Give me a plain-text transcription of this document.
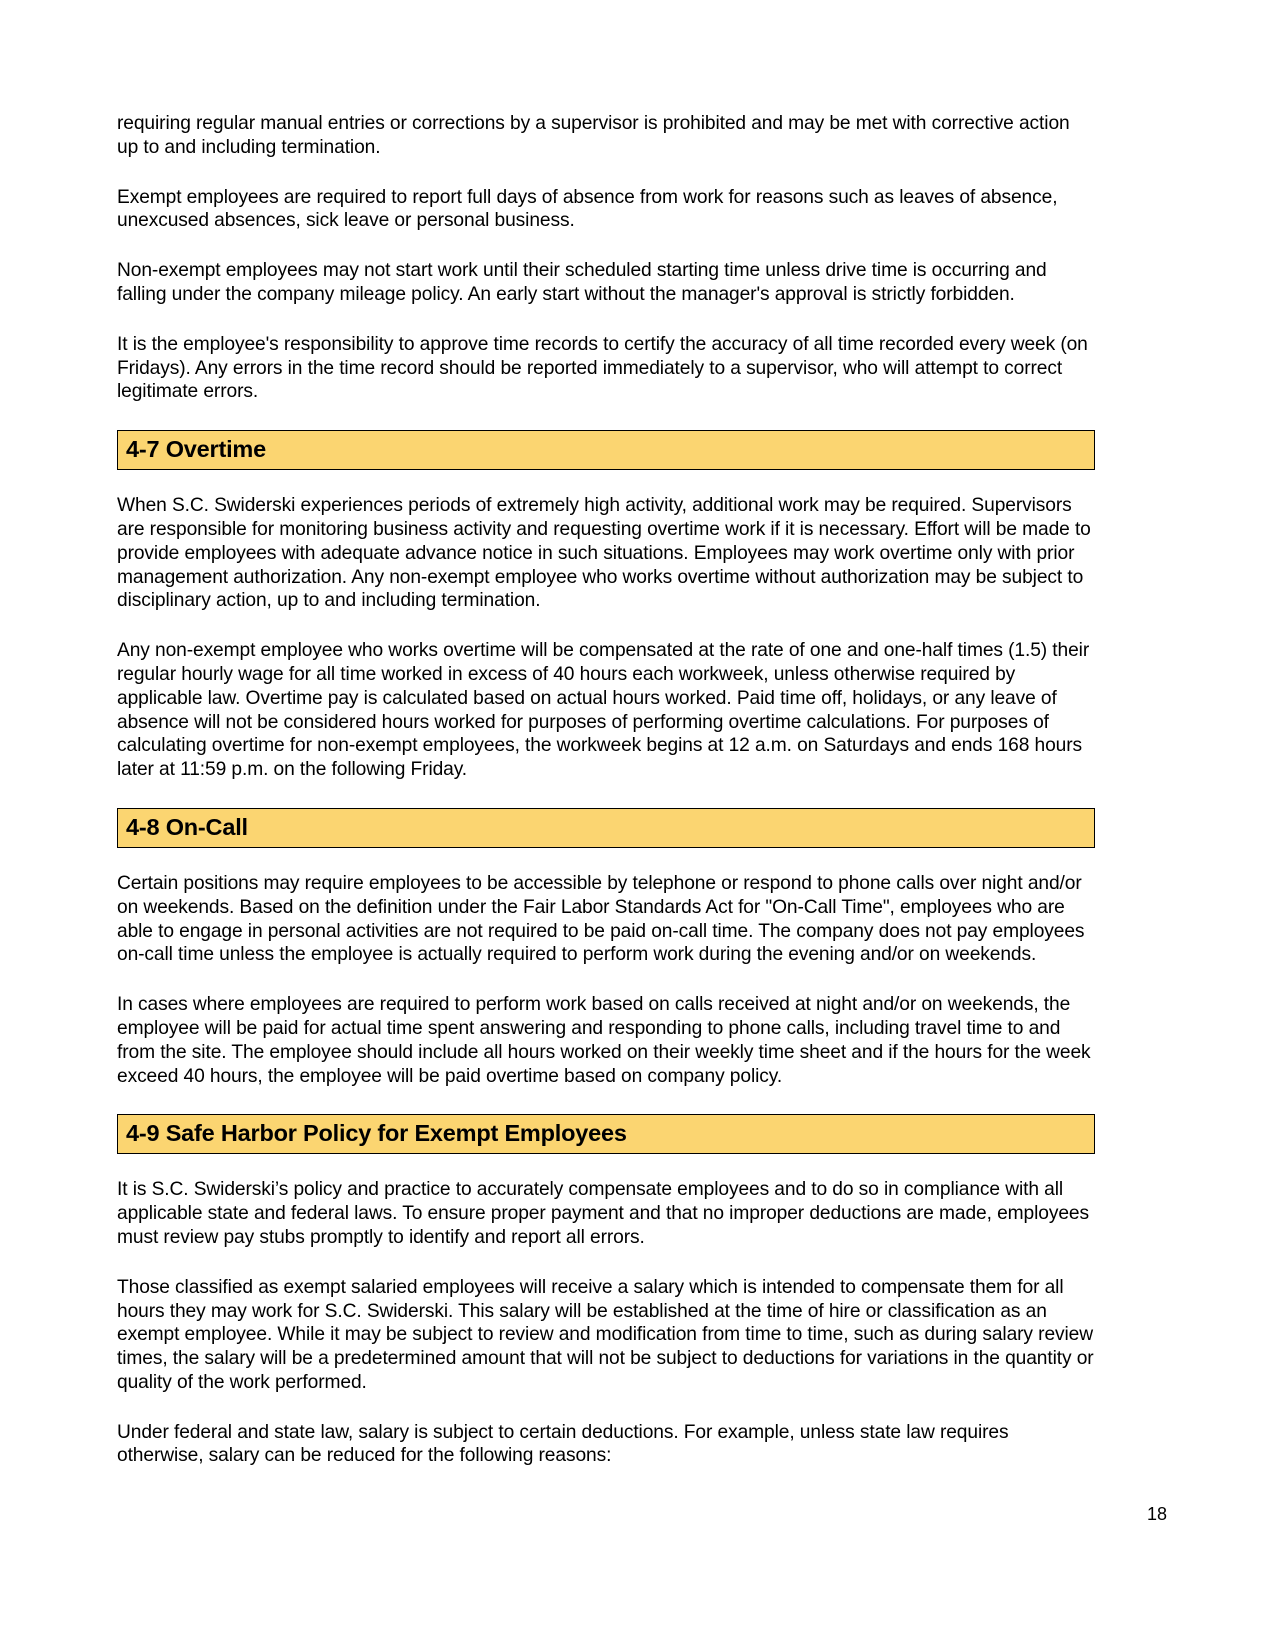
requiring regular manual entries or corrections by a supervisor is prohibited and may be met with corrective action up to and including termination.

Exempt employees are required to report full days of absence from work for reasons such as leaves of absence, unexcused absences, sick leave or personal business.

Non-exempt employees may not start work until their scheduled starting time unless drive time is occurring and falling under the company mileage policy. An early start without the manager's approval is strictly forbidden.

It is the employee's responsibility to approve time records to certify the accuracy of all time recorded every week (on Fridays). Any errors in the time record should be reported immediately to a supervisor, who will attempt to correct legitimate errors.

4-7 Overtime

When S.C. Swiderski experiences periods of extremely high activity, additional work may be required. Supervisors are responsible for monitoring business activity and requesting overtime work if it is necessary. Effort will be made to provide employees with adequate advance notice in such situations. Employees may work overtime only with prior management authorization. Any non-exempt employee who works overtime without authorization may be subject to disciplinary action, up to and including termination.

Any non-exempt employee who works overtime will be compensated at the rate of one and one-half times (1.5) their regular hourly wage for all time worked in excess of 40 hours each workweek, unless otherwise required by applicable law. Overtime pay is calculated based on actual hours worked. Paid time off, holidays, or any leave of absence will not be considered hours worked for purposes of performing overtime calculations. For purposes of calculating overtime for non-exempt employees, the workweek begins at 12 a.m. on Saturdays and ends 168 hours later at 11:59 p.m. on the following Friday.

4-8 On-Call

Certain positions may require employees to be accessible by telephone or respond to phone calls over night and/or on weekends. Based on the definition under the Fair Labor Standards Act for "On-Call Time", employees who are able to engage in personal activities are not required to be paid on-call time. The company does not pay employees on-call time unless the employee is actually required to perform work during the evening and/or on weekends.

In cases where employees are required to perform work based on calls received at night and/or on weekends, the employee will be paid for actual time spent answering and responding to phone calls, including travel time to and from the site. The employee should include all hours worked on their weekly time sheet and if the hours for the week exceed 40 hours, the employee will be paid overtime based on company policy.

4-9 Safe Harbor Policy for Exempt Employees

It is S.C. Swiderski’s policy and practice to accurately compensate employees and to do so in compliance with all applicable state and federal laws. To ensure proper payment and that no improper deductions are made, employees must review pay stubs promptly to identify and report all errors.

Those classified as exempt salaried employees will receive a salary which is intended to compensate them for all hours they may work for S.C. Swiderski. This salary will be established at the time of hire or classification as an exempt employee. While it may be subject to review and modification from time to time, such as during salary review times, the salary will be a predetermined amount that will not be subject to deductions for variations in the quantity or quality of the work performed.

Under federal and state law, salary is subject to certain deductions. For example, unless state law requires otherwise, salary can be reduced for the following reasons:

18
